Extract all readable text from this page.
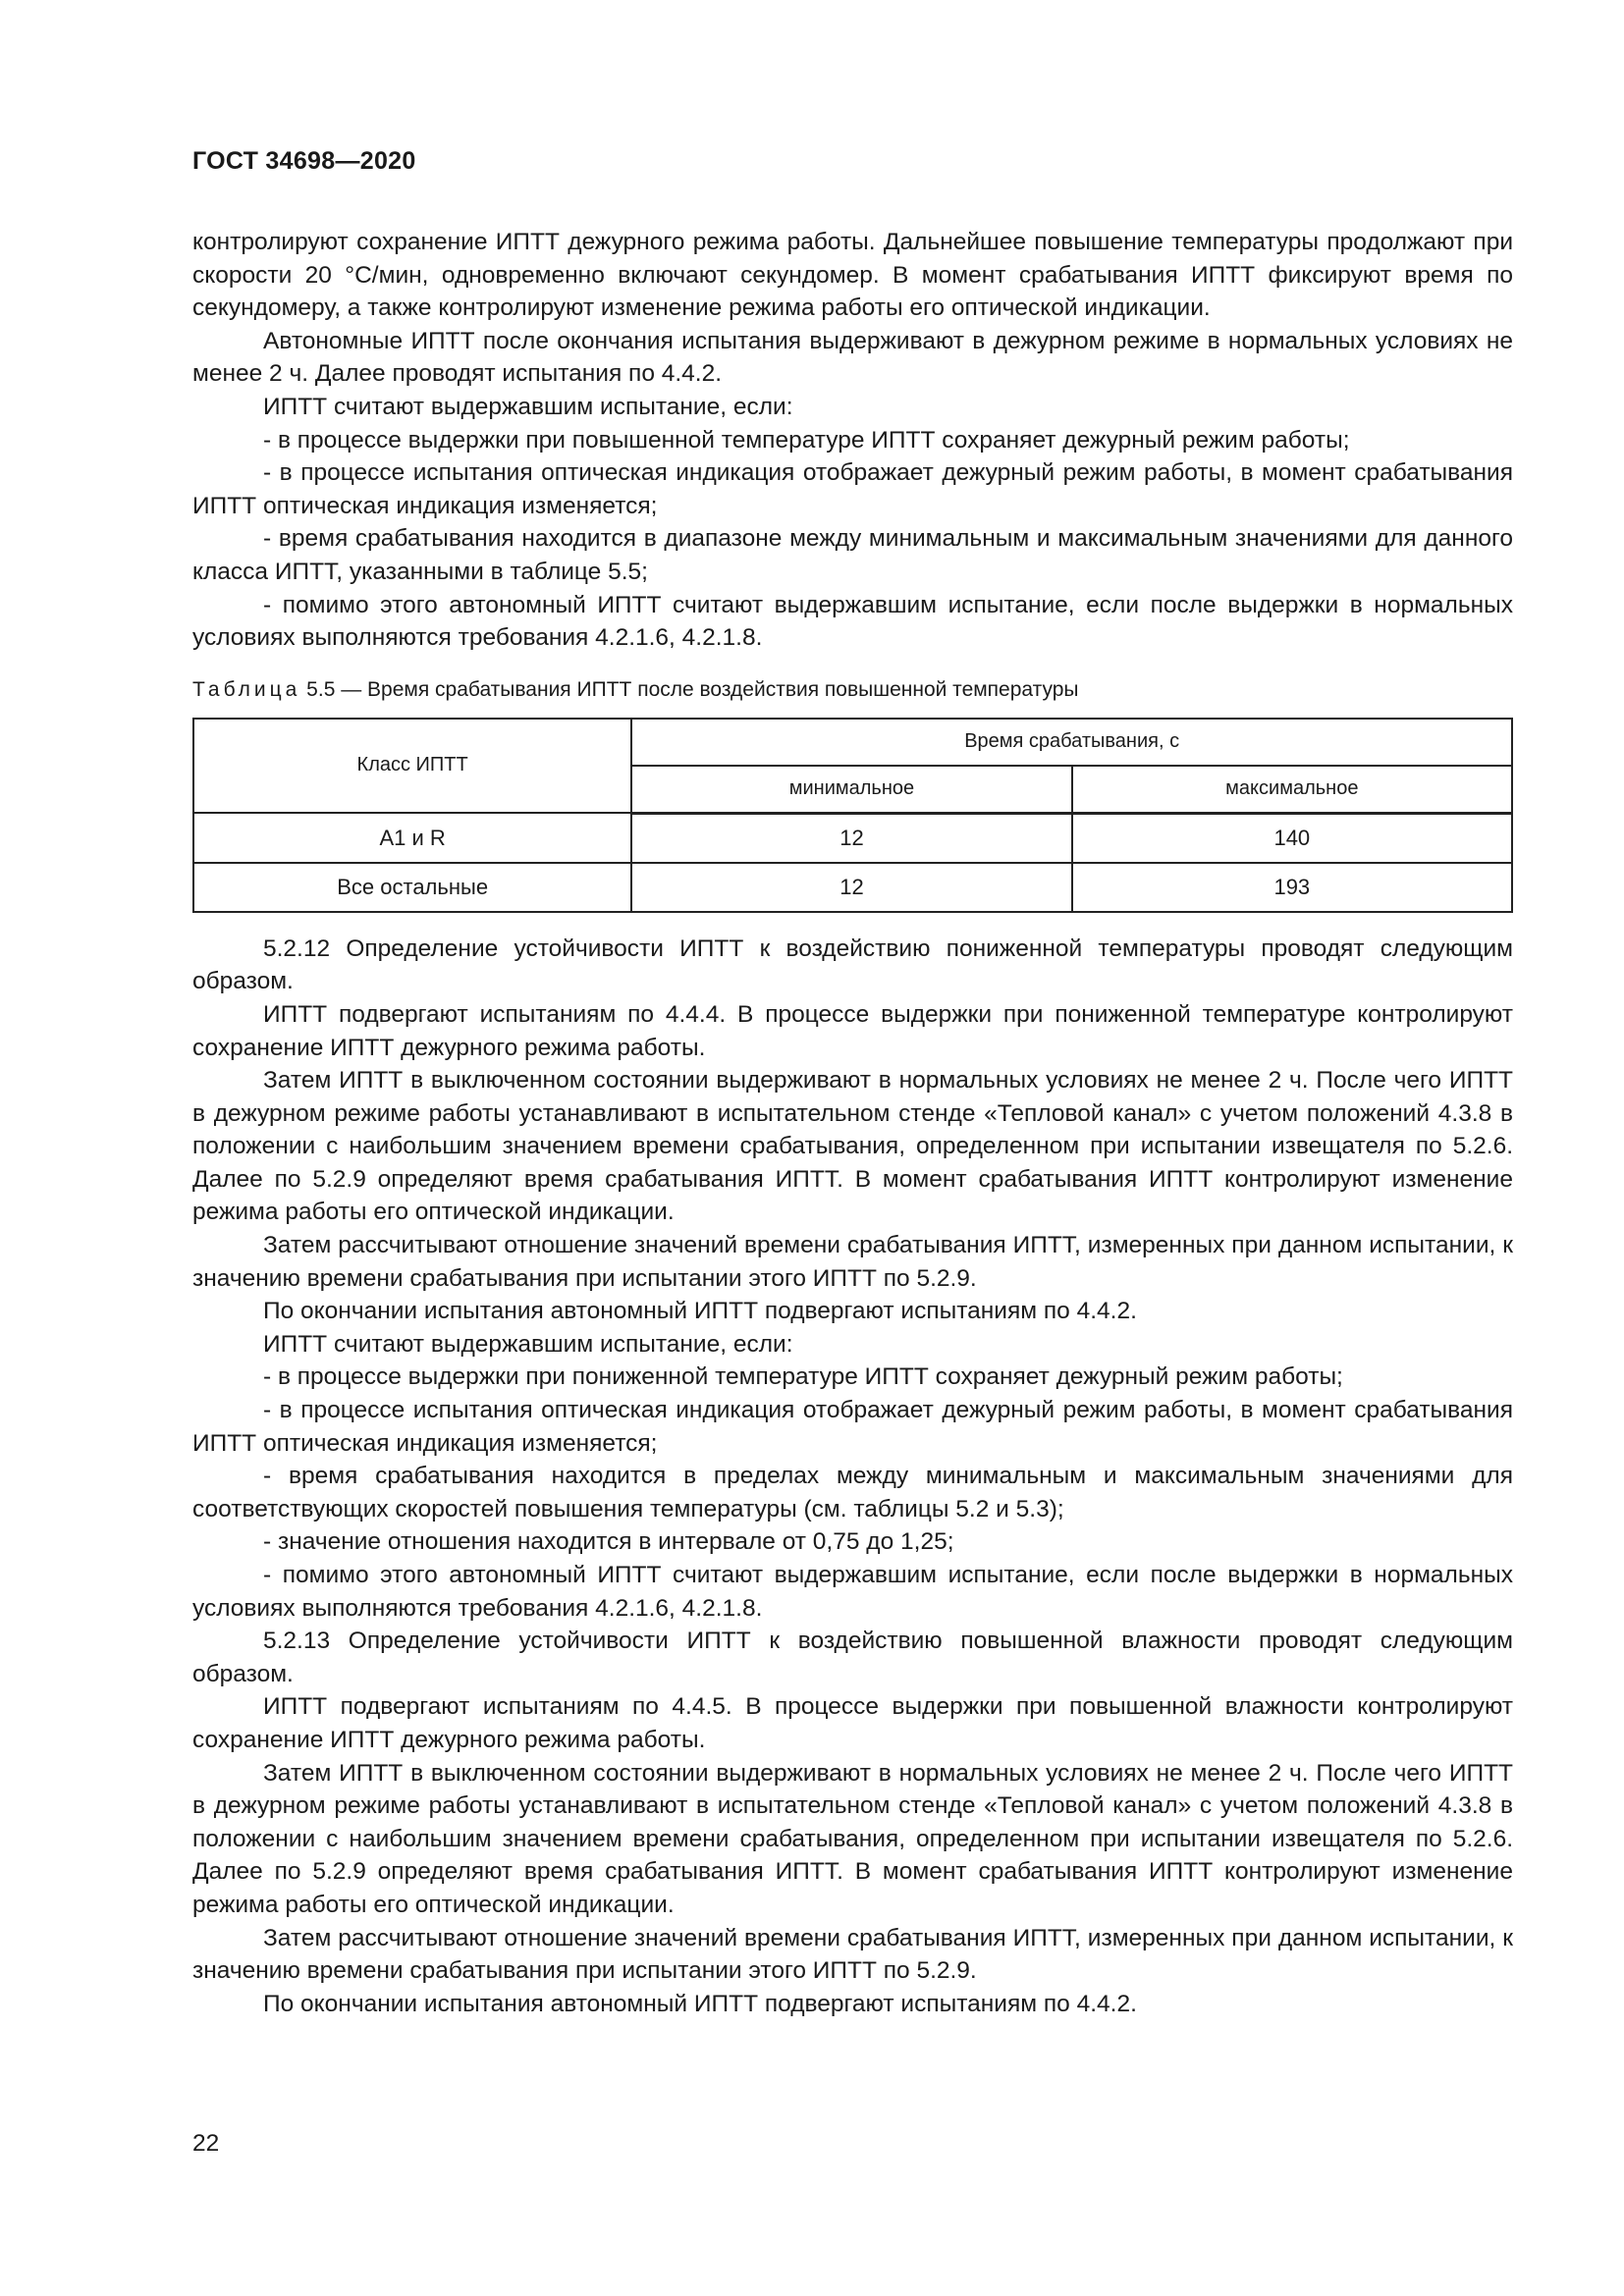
ГОСТ 34698—2020

контролируют сохранение ИПТТ дежурного режима работы. Дальнейшее повышение температуры продолжают при скорости 20 °С/мин, одновременно включают секундомер. В момент срабатывания ИПТТ фиксируют время по секундомеру, а также контролируют изменение режима работы его оптической индикации.

Автономные ИПТТ после окончания испытания выдерживают в дежурном режиме в нормальных условиях не менее 2 ч. Далее проводят испытания по 4.4.2.

ИПТТ считают выдержавшим испытание, если:

- в процессе выдержки при повышенной температуре ИПТТ сохраняет дежурный режим работы;

- в процессе испытания оптическая индикация отображает дежурный режим работы, в момент срабатывания ИПТТ оптическая индикация изменяется;

- время срабатывания находится в диапазоне между минимальным и максимальным значениями для данного класса ИПТТ, указанными в таблице 5.5;

- помимо этого автономный ИПТТ считают выдержавшим испытание, если после выдержки в нормальных условиях выполняются требования 4.2.1.6, 4.2.1.8.

Таблица 5.5 — Время срабатывания ИПТТ после воздействия повышенной температуры
Класс ИПТТ	Время срабатывания, с	
	минимальное	максимальное
А1 и R	12	140
Все остальные	12	193

5.2.12 Определение устойчивости ИПТТ к воздействию пониженной температуры проводят следующим образом.

ИПТТ подвергают испытаниям по 4.4.4. В процессе выдержки при пониженной температуре контролируют сохранение ИПТТ дежурного режима работы.

Затем ИПТТ в выключенном состоянии выдерживают в нормальных условиях не менее 2 ч. После чего ИПТТ в дежурном режиме работы устанавливают в испытательном стенде «Тепловой канал» с учетом положений 4.3.8 в положении с наибольшим значением времени срабатывания, определенном при испытании извещателя по 5.2.6. Далее по 5.2.9 определяют время срабатывания ИПТТ. В момент срабатывания ИПТТ контролируют изменение режима работы его оптической индикации.

Затем рассчитывают отношение значений времени срабатывания ИПТТ, измеренных при данном испытании, к значению времени срабатывания при испытании этого ИПТТ по 5.2.9.

По окончании испытания автономный ИПТТ подвергают испытаниям по 4.4.2.

ИПТТ считают выдержавшим испытание, если:

- в процессе выдержки при пониженной температуре ИПТТ сохраняет дежурный режим работы;

- в процессе испытания оптическая индикация отображает дежурный режим работы, в момент срабатывания ИПТТ оптическая индикация изменяется;

- время срабатывания находится в пределах между минимальным и максимальным значениями для соответствующих скоростей повышения температуры (см. таблицы 5.2 и 5.3);

- значение отношения находится в интервале от 0,75 до 1,25;

- помимо этого автономный ИПТТ считают выдержавшим испытание, если после выдержки в нормальных условиях выполняются требования 4.2.1.6, 4.2.1.8.

5.2.13 Определение устойчивости ИПТТ к воздействию повышенной влажности проводят следующим образом.

ИПТТ подвергают испытаниям по 4.4.5. В процессе выдержки при повышенной влажности контролируют сохранение ИПТТ дежурного режима работы.

Затем ИПТТ в выключенном состоянии выдерживают в нормальных условиях не менее 2 ч. После чего ИПТТ в дежурном режиме работы устанавливают в испытательном стенде «Тепловой канал» с учетом положений 4.3.8 в положении с наибольшим значением времени срабатывания, определенном при испытании извещателя по 5.2.6. Далее по 5.2.9 определяют время срабатывания ИПТТ. В момент срабатывания ИПТТ контролируют изменение режима работы его оптической индикации.

Затем рассчитывают отношение значений времени срабатывания ИПТТ, измеренных при данном испытании, к значению времени срабатывания при испытании этого ИПТТ по 5.2.9.

По окончании испытания автономный ИПТТ подвергают испытаниям по 4.4.2.

22
